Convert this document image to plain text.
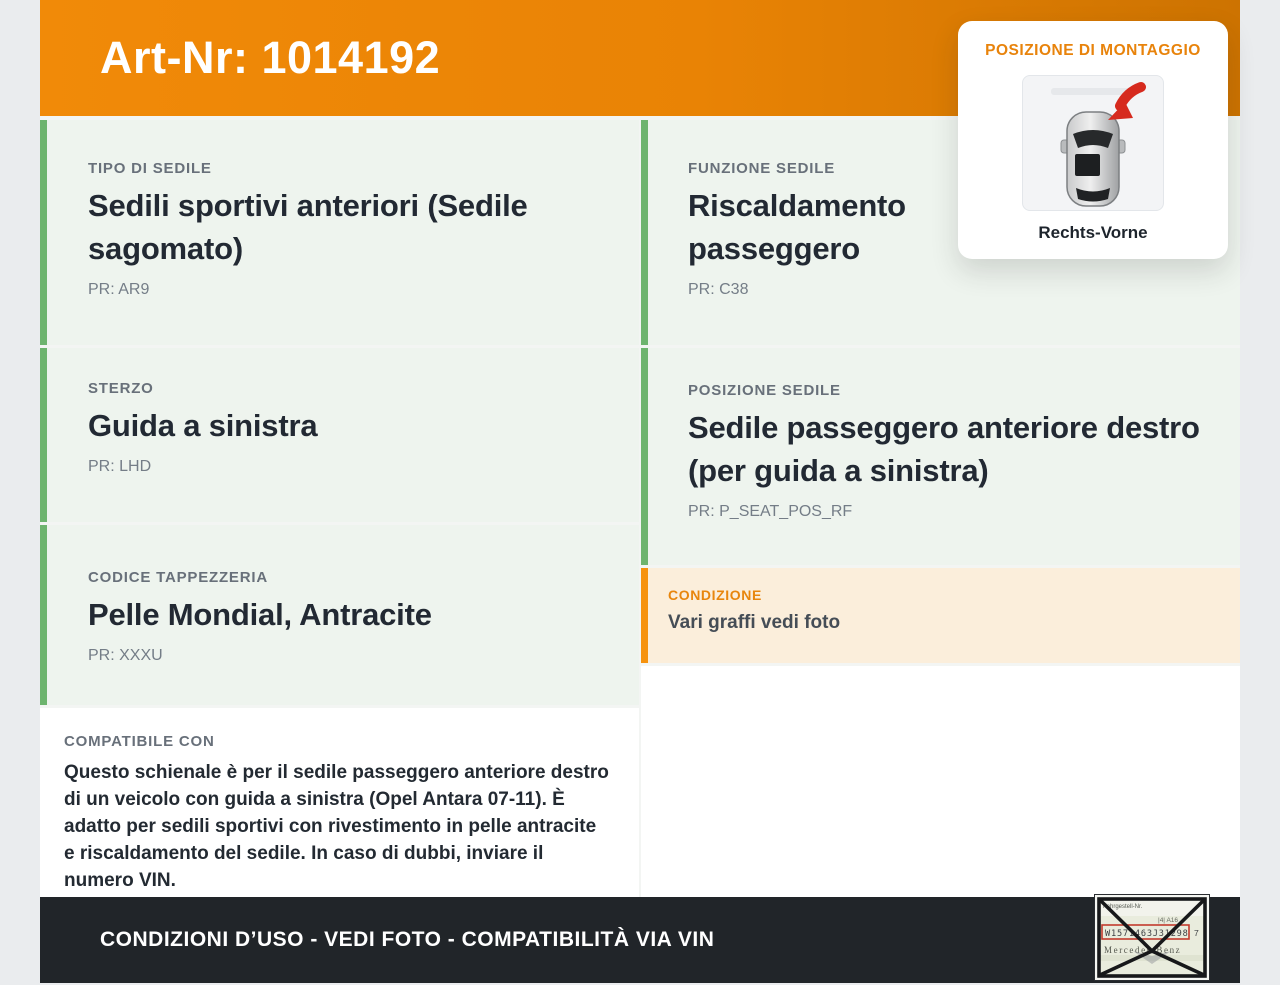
Art-Nr: 1014192
TIPO DI SEDILE
Sedili sportivi anteriori (Sedile sagomato)
PR: AR9
STERZO
Guida a sinistra
PR: LHD
CODICE TAPPEZZERIA
Pelle Mondial, Antracite
PR: XXXU
COMPATIBILE CON
Questo schienale è per il sedile passeggero anteriore destro di un veicolo con guida a sinistra (Opel Antara 07-11). È adatto per sedili sportivi con rivestimento in pelle antracite e riscaldamento del sedile. In caso di dubbi, inviare il numero VIN.
FUNZIONE SEDILE
Riscaldamento passeggero
PR: C38
POSIZIONE SEDILE
Sedile passeggero anteriore destro (per guida a sinistra)
PR: P_SEAT_POS_RF
CONDIZIONE
Vari graffi vedi foto
POSIZIONE DI MONTAGGIO
Rechts-Vorne
CONDIZIONI D’USO - VEDI FOTO - COMPATIBILITÀ VIA VIN
Fahrgestell-Nr.
|4| A16
W1571463J31298 7
Mercedes-Benz
